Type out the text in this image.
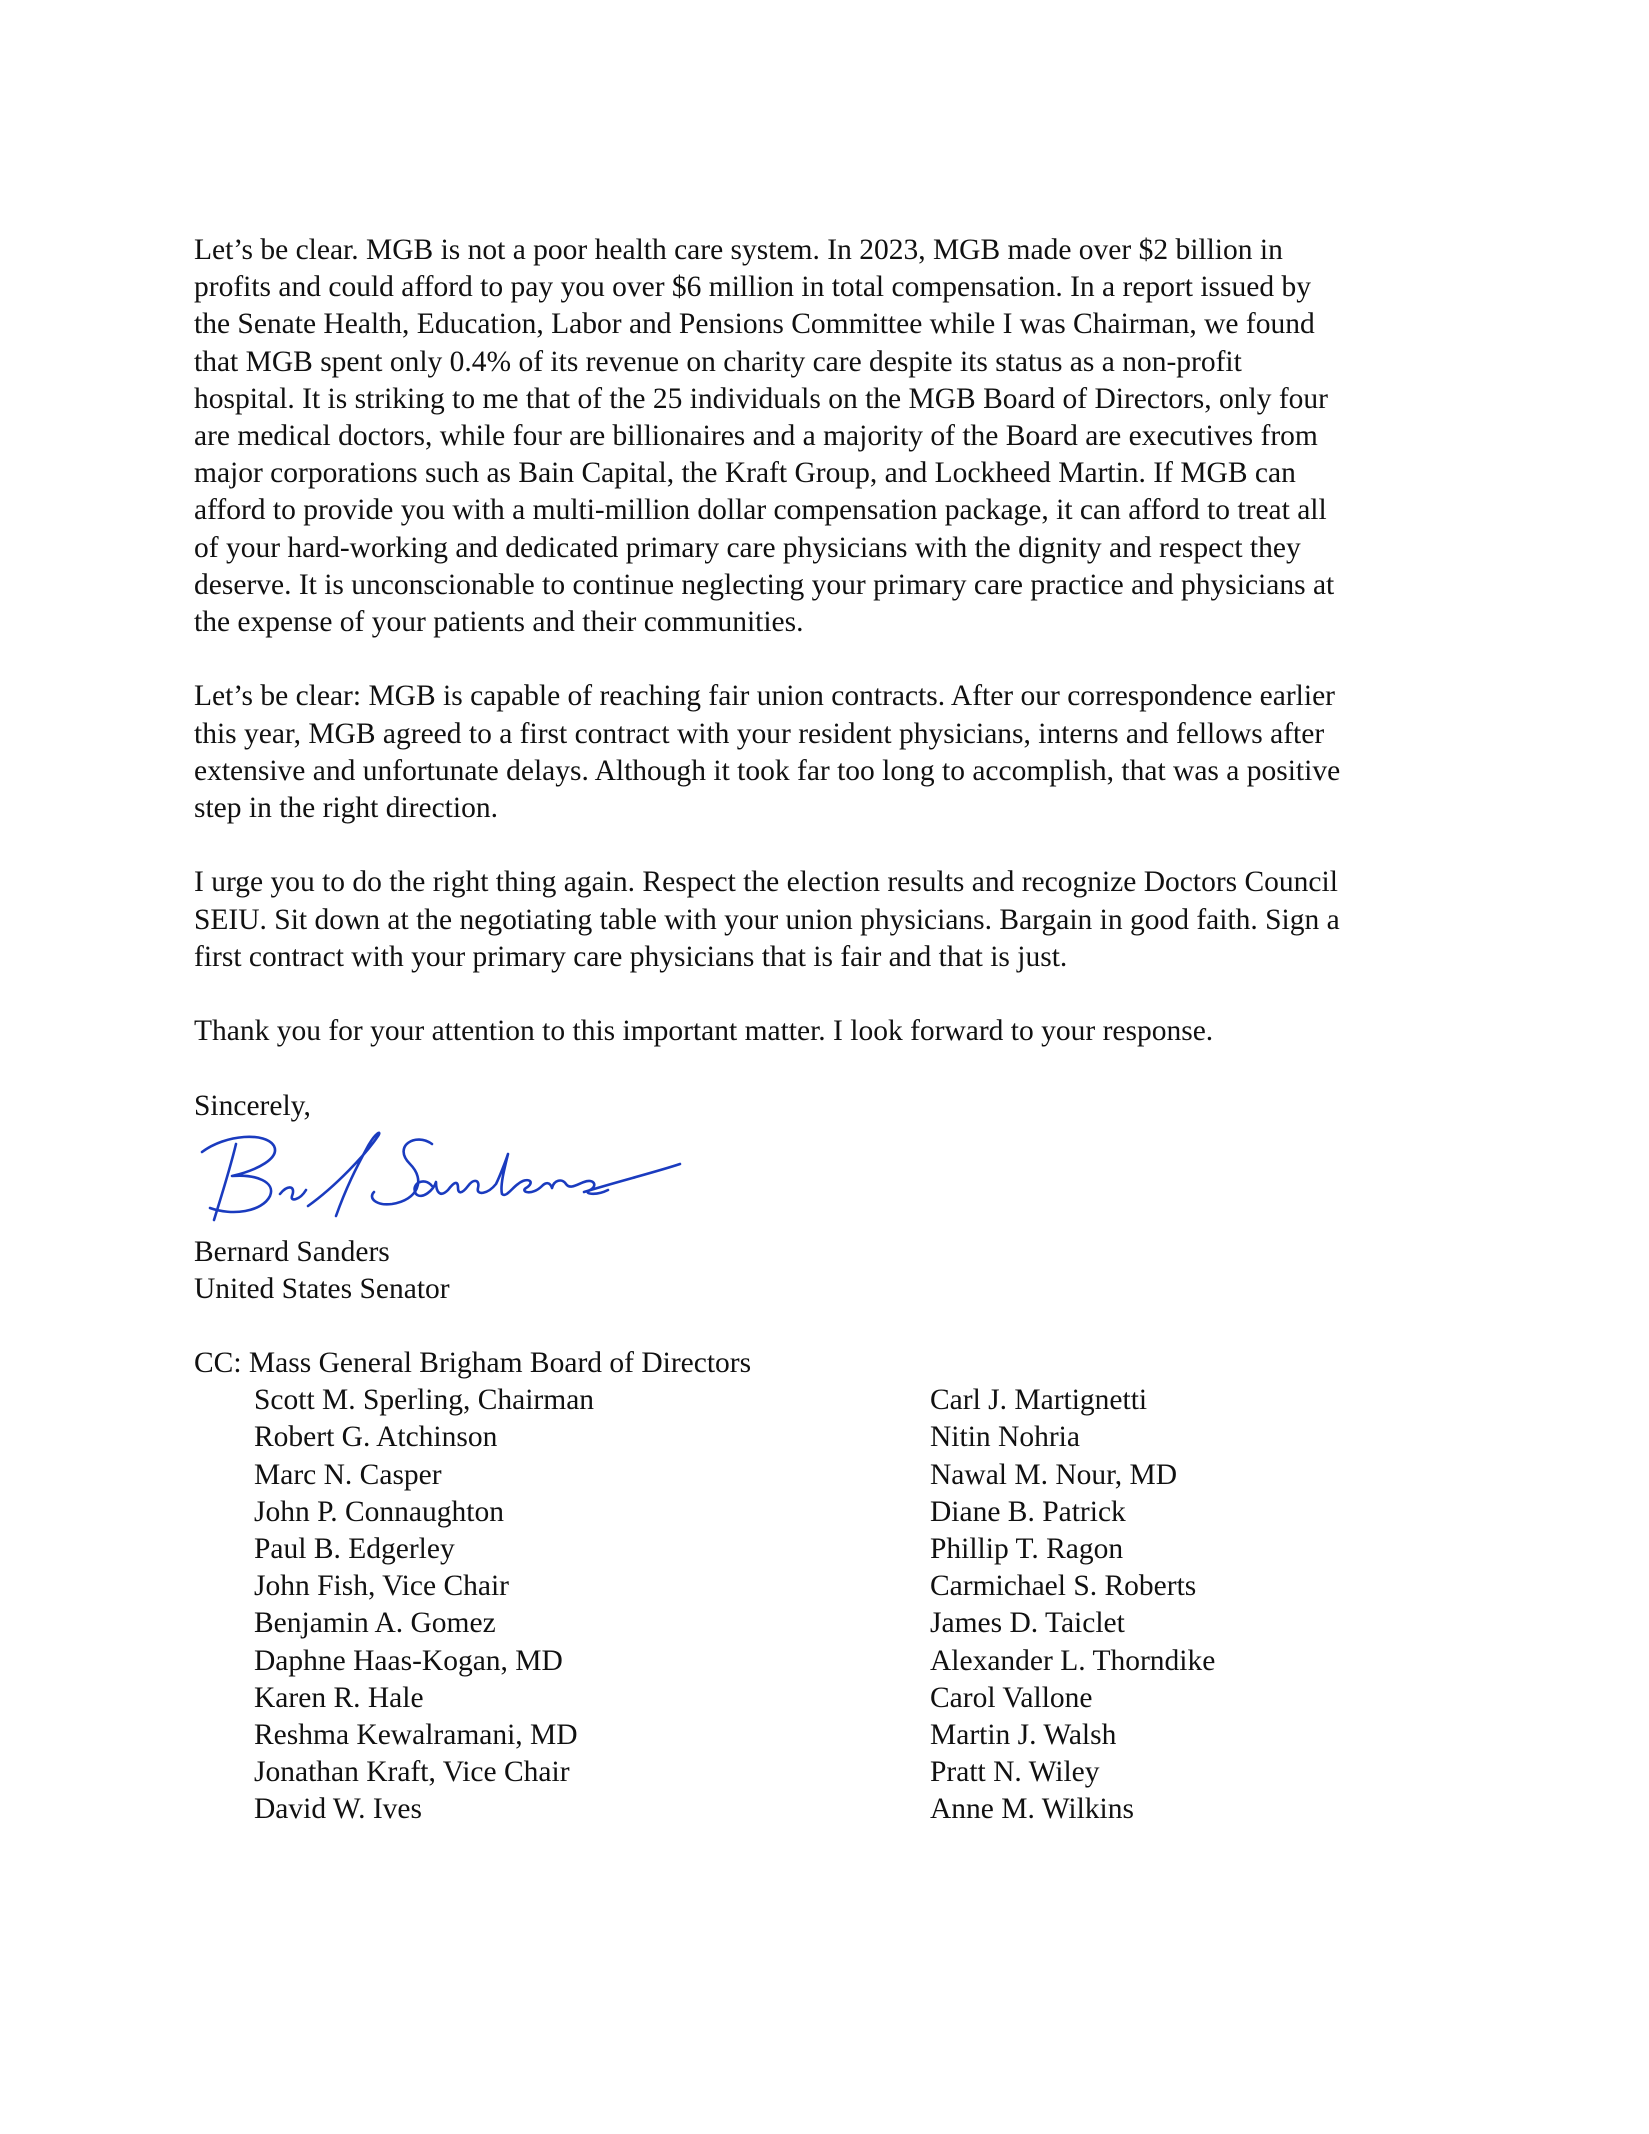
Let’s be clear. MGB is not a poor health care system. In 2023, MGB made over $2 billion in
profits and could afford to pay you over $6 million in total compensation. In a report issued by
the Senate Health, Education, Labor and Pensions Committee while I was Chairman, we found
that MGB spent only 0.4% of its revenue on charity care despite its status as a non-profit
hospital. It is striking to me that of the 25 individuals on the MGB Board of Directors, only four
are medical doctors, while four are billionaires and a majority of the Board are executives from
major corporations such as Bain Capital, the Kraft Group, and Lockheed Martin. If MGB can
afford to provide you with a multi-million dollar compensation package, it can afford to treat all
of your hard-working and dedicated primary care physicians with the dignity and respect they
deserve. It is unconscionable to continue neglecting your primary care practice and physicians at
the expense of your patients and their communities.

Let’s be clear: MGB is capable of reaching fair union contracts. After our correspondence earlier
this year, MGB agreed to a first contract with your resident physicians, interns and fellows after
extensive and unfortunate delays. Although it took far too long to accomplish, that was a positive
step in the right direction.

I urge you to do the right thing again. Respect the election results and recognize Doctors Council
SEIU. Sit down at the negotiating table with your union physicians. Bargain in good faith. Sign a
first contract with your primary care physicians that is fair and that is just.

Thank you for your attention to this important matter. I look forward to your response.

Sincerely,

Bernard Sanders
United States Senator
CC: Mass General Brigham Board of Directors
Scott M. Sperling, Chairman
Robert G. Atchinson
Marc N. Casper
John P. Connaughton
Paul B. Edgerley
John Fish, Vice Chair
Benjamin A. Gomez
Daphne Haas-Kogan, MD
Karen R. Hale
Reshma Kewalramani, MD
Jonathan Kraft, Vice Chair
David W. Ives
Carl J. Martignetti
Nitin Nohria
Nawal M. Nour, MD
Diane B. Patrick
Phillip T. Ragon
Carmichael S. Roberts
James D. Taiclet
Alexander L. Thorndike
Carol Vallone
Martin J. Walsh
Pratt N. Wiley
Anne M. Wilkins
